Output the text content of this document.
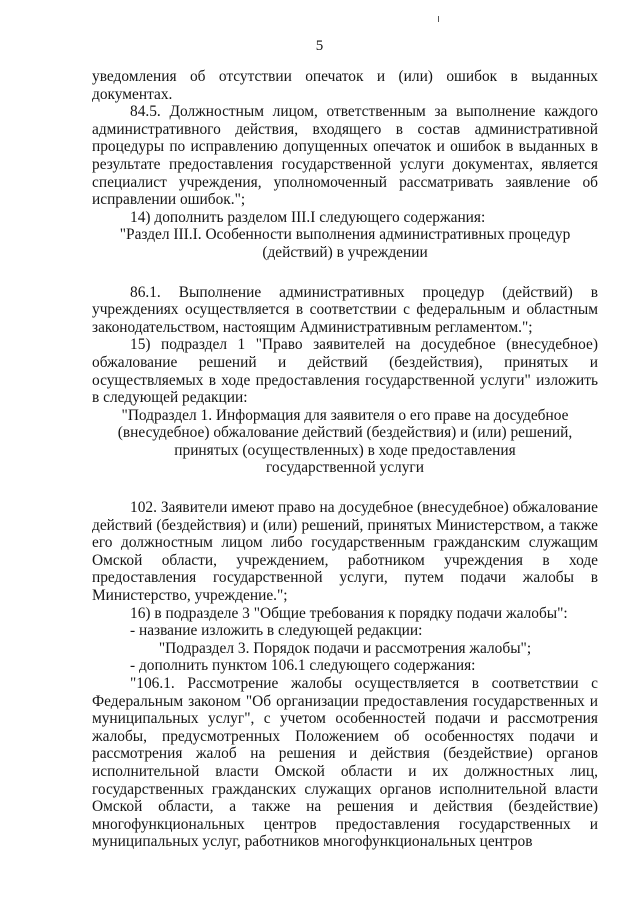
5

уведомления об отсутствии опечаток и (или) ошибок в выданных документах.

84.5. Должностным лицом, ответственным за выполнение каждого административного действия, входящего в состав административной процедуры по исправлению допущенных опечаток и ошибок в выданных в результате предоставления государственной услуги документах, является специалист учреждения, уполномоченный рассматривать заявление об исправлении ошибок.";

14) дополнить разделом III.I следующего содержания:

"Раздел III.I. Особенности выполнения административных процедур

(действий) в учреждении

86.1. Выполнение административных процедур (действий) в учреждениях осуществляется в соответствии с федеральным и областным законодательством, настоящим Административным регламентом.";

15) подраздел 1 "Право заявителей на досудебное (внесудебное) обжалование решений и действий (бездействия), принятых и осуществляемых в ходе предоставления государственной услуги" изложить в следующей редакции:

"Подраздел 1. Информация для заявителя о его праве на досудебное

(внесудебное) обжалование действий (бездействия) и (или) решений,

принятых (осуществленных) в ходе предоставления

государственной услуги

102. Заявители имеют право на досудебное (внесудебное) обжалование действий (бездействия) и (или) решений, принятых Министерством, а также его должностным лицом либо государственным гражданским служащим Омской области, учреждением, работником учреждения в ходе предоставления государственной услуги, путем подачи жалобы в Министерство, учреждение.";

16) в подразделе 3 "Общие требования к порядку подачи жалобы":

- название изложить в следующей редакции:

"Подраздел 3. Порядок подачи и рассмотрения жалобы";

- дополнить пунктом 106.1 следующего содержания:

"106.1. Рассмотрение жалобы осуществляется в соответствии с Федеральным законом "Об организации предоставления государственных и муниципальных услуг", с учетом особенностей подачи и рассмотрения жалобы, предусмотренных Положением об особенностях подачи и рассмотрения жалоб на решения и действия (бездействие) органов исполнительной власти Омской области и их должностных лиц, государственных гражданских служащих органов исполнительной власти Омской области, а также на решения и действия (бездействие) многофункциональных центров предоставления государственных и муниципальных услуг, работников многофункциональных центров
